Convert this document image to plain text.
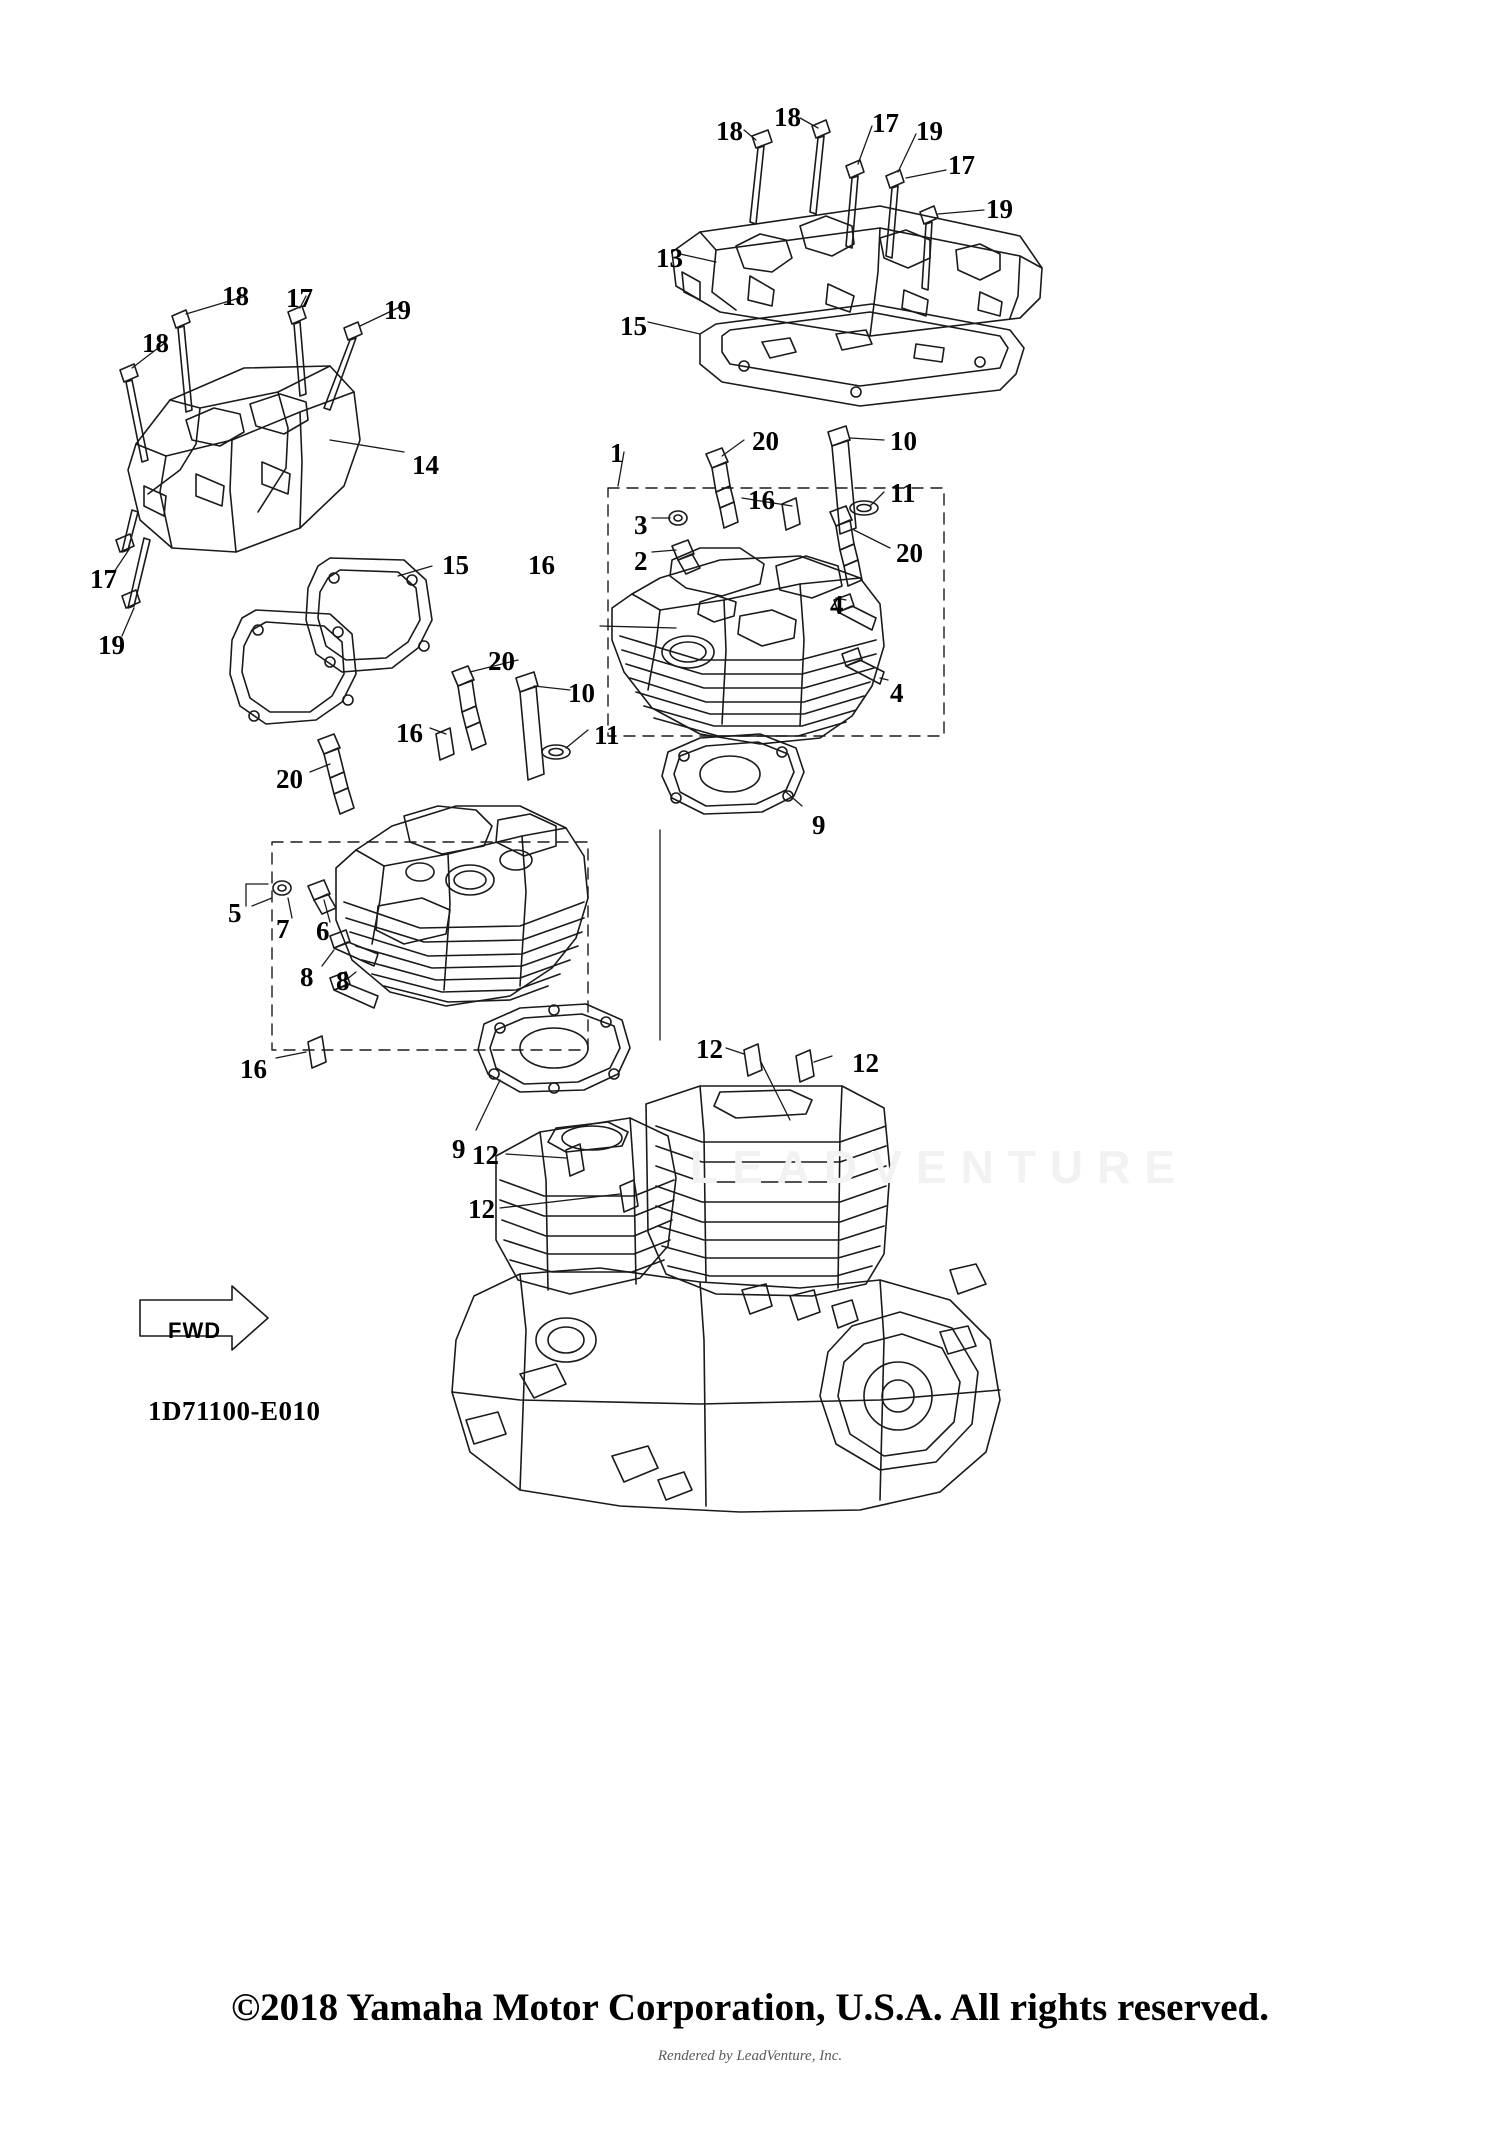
LEADVENTURE
18 18	17 19
17
19
13
15
18 17	19
18
14
17
19
15 16
1	20	10
16	11
3
20
2
4
4
20
10
16	11
20
9
5
7 6
8 8
16
12	12
9 12
12
FWD
1D71100-E010
©2018 Yamaha Motor Corporation, U.S.A. All rights reserved.
Rendered by LeadVenture, Inc.
